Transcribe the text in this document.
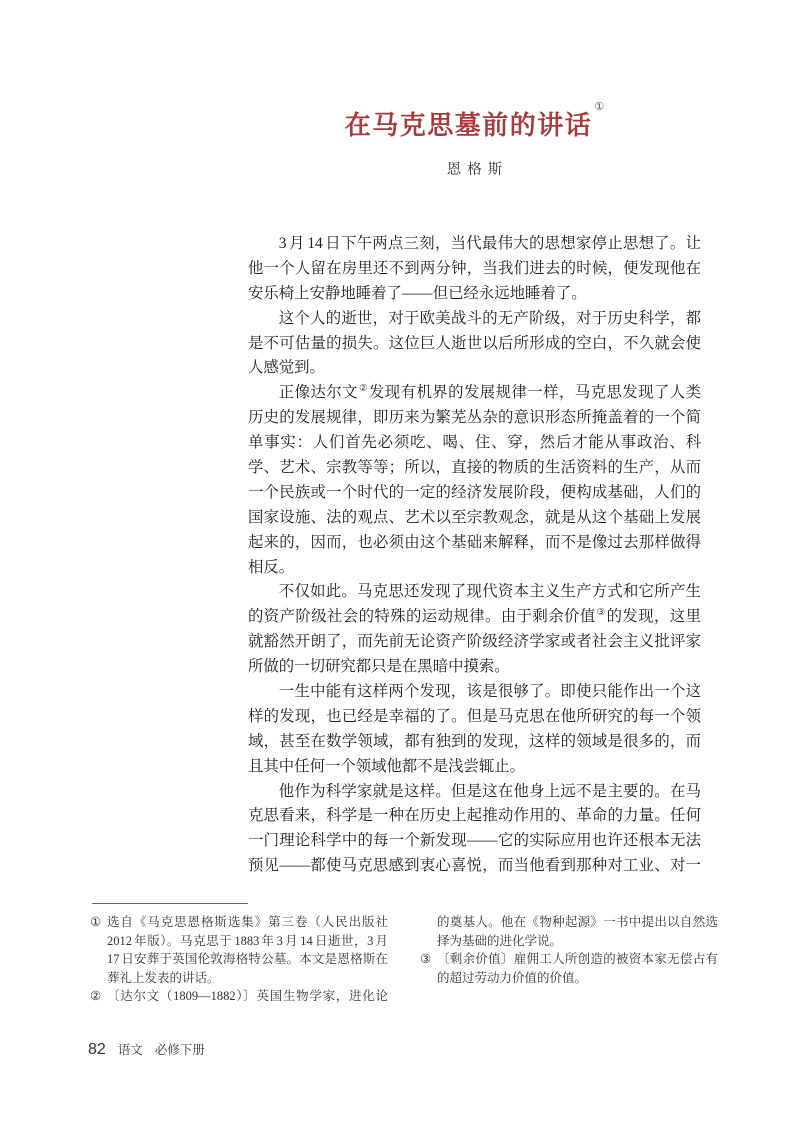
在马克思墓前的讲话①
恩格斯
3 月 14 日下午两点三刻，当代最伟大的思想家停止思想了。让
他一个人留在房里还不到两分钟，当我们进去的时候，便发现他在
安乐椅上安静地睡着了——但已经永远地睡着了。
这个人的逝世，对于欧美战斗的无产阶级，对于历史科学，都
是不可估量的损失。这位巨人逝世以后所形成的空白，不久就会使
人感觉到。
正像达尔文②发现有机界的发展规律一样，马克思发现了人类
历史的发展规律，即历来为繁芜丛杂的意识形态所掩盖着的一个简
单事实：人们首先必须吃、喝、住、穿，然后才能从事政治、科
学、艺术、宗教等等；所以，直接的物质的生活资料的生产，从而
一个民族或一个时代的一定的经济发展阶段，便构成基础，人们的
国家设施、法的观点、艺术以至宗教观念，就是从这个基础上发展
起来的，因而，也必须由这个基础来解释，而不是像过去那样做得
相反。
不仅如此。马克思还发现了现代资本主义生产方式和它所产生
的资产阶级社会的特殊的运动规律。由于剩余价值③的发现，这里
就豁然开朗了，而先前无论资产阶级经济学家或者社会主义批评家
所做的一切研究都只是在黑暗中摸索。
一生中能有这样两个发现，该是很够了。即使只能作出一个这
样的发现，也已经是幸福的了。但是马克思在他所研究的每一个领
域，甚至在数学领域，都有独到的发现，这样的领域是很多的，而
且其中任何一个领域他都不是浅尝辄止。
他作为科学家就是这样。但是这在他身上远不是主要的。在马
克思看来，科学是一种在历史上起推动作用的、革命的力量。任何
一门理论科学中的每一个新发现——它的实际应用也许还根本无法
预见——都使马克思感到衷心喜悦，而当他看到那种对工业、对一
① 选自《马克思恩格斯选集》第三卷（人民出版社
2012 年版）。马克思于 1883 年 3 月 14 日逝世，3 月
17 日安葬于英国伦敦海格特公墓。本文是恩格斯在
葬礼上发表的讲话。
② 〔达尔文（1809—1882）〕英国生物学家，进化论
的奠基人。他在《物种起源》一书中提出以自然选
择为基础的进化学说。
③ 〔剩余价值〕雇佣工人所创造的被资本家无偿占有
的超过劳动力价值的价值。
82 语文 必修下册
